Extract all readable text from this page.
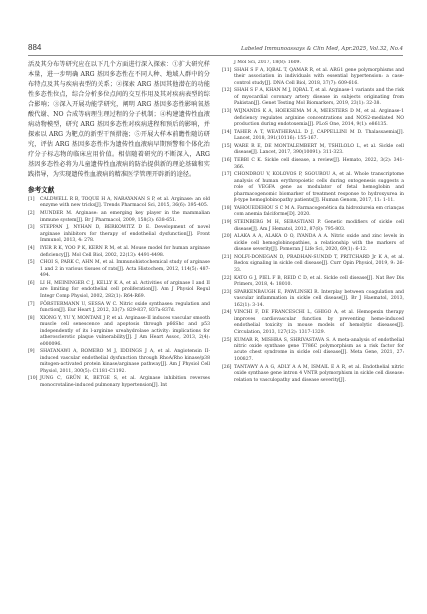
884	Labeled Immunoassays & Clin Med, Apr.2025, Vol.32, No.4

活及其分布等研究应在以下几个方面进行深入探索：①扩大研究样本量，进一步明确 ARG 基因多态性在不同人种、地域人群中的分布特点及其与疾病表型的关系；②探索 ARG 基因其他潜在的功能性多态性位点，综合分析多位点间的交互作用及其对疾病表型的综合影响；③深入开展功能学研究，阐明 ARG 基因多态性影响氧基酸代谢、NO 合成等病理生理过程的分子机制；④构建遗传性血液病动物模型，研究 ARG 基因多态性对疾病进程和预后的影响，并探索以 ARG 为靶点的新型干预措施；⑤开展大样本前瞻性随访研究，评估 ARG 基因多态性作为遗传性血液病早期预警和个体化治疗分子标志物的临床应用价值。相信随着研究的不断深入，ARG 基因多态性必将为儿童遗传性血液病的防治提供新的理论基础和实践指导，为实现遗传性血液病的精准医学管理开辟新的途径。

参考文献
[1]	CALDWELL R B, TOQUE H A, NARAYANAN S P, et al. Arginase: an old enzyme with new tricks[J]. Trends Pharmacol Sci, 2015, 36(6): 395-405.
[2]	MUNDER M. Arginase: an emerging key player in the mammalian immune system[J]. Br J Pharmacol, 2009, 158(3): 638-651.
[3]	STEPPAN J, NYHAN D, BERKOWITZ D E. Development of novel arginase inhibitors for therapy of endothelial dysfunction[J]. Front Immunol, 2013, 4: 278.
[4]	IYER R K, YOO P K, KERN R M, et al. Mouse model for human arginase deficiency[J]. Mol Cell Biol, 2002, 22(13): 4491-4498.
[5]	CHOI S, PARK C, AHN M, et al. Immunohistochemical study of arginase 1 and 2 in various tissues of rats[J]. Acta Histochem, 2012, 114(5): 487-494.
[6]	LI H, MEININGER C J, KELLY K A, et al. Activities of arginase I and II are limiting for endothelial cell proliferation[J]. Am J Physiol Regul Integr Comp Physiol, 2002, 282(1): R64-R69.
[7]	FÖRSTERMANN U, SESSA W C. Nitric oxide synthases: regulation and function[J]. Eur Heart J, 2012, 33(7): 829-837, 837a-837d.
[8]	XIONG Y, YU Y, MONTANI J P, et al. Arginase-II induces vascular smooth muscle cell senescence and apoptosis through p66Shc and p53 independently of its l-arginine ureahydrolase activity: implications for atherosclerotic plaque vulnerability[J]. J Am Heart Assoc, 2013, 2(4): e000096.
[9]	SHATANAWI A, ROMERO M J, IDDINGS J A, et al. Angiotensin II-induced vascular endothelial dysfunction through RhoA/Rho kinase/p38 mitogen-activated protein kinase/arginase pathway[J]. Am J Physiol Cell Physiol, 2011, 300(5): C1181-C1192.
[10] JUNG C, GRÜN K, BETGE S, et al. Arginase inhibition reverses monocrotaline-induced pulmonary hypertension[J]. Int
J Mol Sci, 2017, 18(8): 1609.
[11] SHAH S F A, IQBAL T, QAMAR R, et al. ARG1 gene polymorphisms and their association in individuals with essential hypertension: a case-control study[J]. DNA Cell Biol, 2018, 37(7): 609-616.
[12] SHAH S F A, KHAN M J, IQBAL T, et al. Arginase-1 variants and the risk of myocardial coronary artery disease in subjects originating from Pakistan[J]. Genet Testing Mol Biomarkers, 2019, 23(1): 32-38.
[13] WIJNANDS K A, HOEKSEMA M A, MEESTERS D M, et al. Arginase-1 deficiency regulates arginine concentrations and NOS2-mediated NO production during endotoxemia[J]. PLoS One, 2014, 9(1): e86135.
[14] TAHER A T, WEATHERALL D J, CAPPELLINI M D. Thalassaemia[J]. Lancet, 2018, 391(10116): 155-167.
[15] WARE R E, DE MONTALEMBERT M, TSHILOLO L, et al. Sickle cell disease[J]. Lancet, 2017, 390(10091): 311-323.
[16] TEBBI C K. Sickle cell disease, a review[J]. Hemato, 2022, 3(2): 341-366.
[17] CHONDROU V, KOLOVOS P, SGOUROU A, et al. Whole transcriptome analysis of human erythropoietic cells during ontogenesis suggests a role of VEGFA gene as modulator of fetal hemoglobin and pharmacogenomic biomarker of treatment response to hydroxyurea in β-type hemoglobinopathy patients[J]. Human Genom, 2017, 11: 1-11.
[18] YAHOUEDEHOU S C M A. Farmacogenética da hidroxiureia em crianças com anemia falciforme[D]. 2020.
[19] STEINBERG M H, SEBASTIANI P. Genetic modifiers of sickle cell disease[J]. Am J Hematol, 2012, 87(8): 795-803.
[20] ALAKA A A, ALAKA O O, IYANDA A A. Nitric oxide and zinc levels in sickle cell hemoglobinopathies, a relationship with the markers of disease severity[J]. Pomeran J Life Sci, 2020, 69(1): 6-12.
[21] NOLFI-DONEGAN D, PRADHAN-SUNDD T, PRITCHARD Jr K A, et al. Redox signaling in sickle cell disease[J]. Curr Opin Physiol, 2019, 9: 26-33.
[22] KATO G J, PIEL F B, REID C D, et al. Sickle cell disease[J]. Nat Rev Dis Primers, 2018, 4: 18010.
[23] SPARKENBAUGH E, PAWLINSKI R. Interplay between coagulation and vascular inflammation in sickle cell disease[J]. Br J Haematol, 2013, 162(1): 3-14.
[24] VINCHI F, DE FRANCESCHI L, GHIGO A, et al. Hemopexin therapy improves cardiovascular function by preventing heme-induced endothelial toxicity in mouse models of hemolytic diseases[J]. Circulation, 2013, 127(12): 1317-1329.
[25] KUMAR R, MISHRA S, SHRIVASTAVA S. A meta-analysis of endothelial nitric oxide synthase gene T786C polymorphism as a risk factor for acute chest syndrome in sickle cell disease[J]. Meta Gene, 2021, 27: 100827.
[26] TANTAWY A A G, ADLY A A M, ISMAIL E A R, et al. Endothelial nitric oxide synthase gene intron 4 VNTR polymorphism in sickle cell disease: relation to vasculopathy and disease severity[J].
